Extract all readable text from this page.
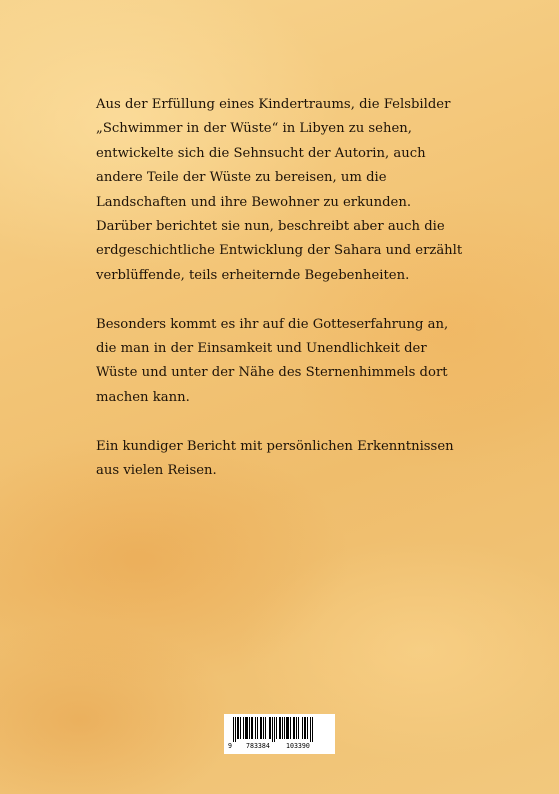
Aus der Erfüllung eines Kindertraums, die Felsbilder
„Schwimmer in der Wüste“ in Libyen zu sehen,
entwickelte sich die Sehnsucht der Autorin, auch
andere Teile der Wüste zu bereisen, um die
Landschaften und ihre Bewohner zu erkunden.

Darüber berichtet sie nun, beschreibt aber auch die
erdgeschichtliche Entwicklung der Sahara und erzählt
verblüffende, teils erheiternde Begebenheiten.

Besonders kommt es ihr auf die Gotteserfahrung an,
die man in der Einsamkeit und Unendlichkeit der
Wüste und unter der Nähe des Sternenhimmels dort
machen kann.

Ein kundiger Bericht mit persönlichen Erkenntnissen
aus vielen Reisen.

9 783384 103390
